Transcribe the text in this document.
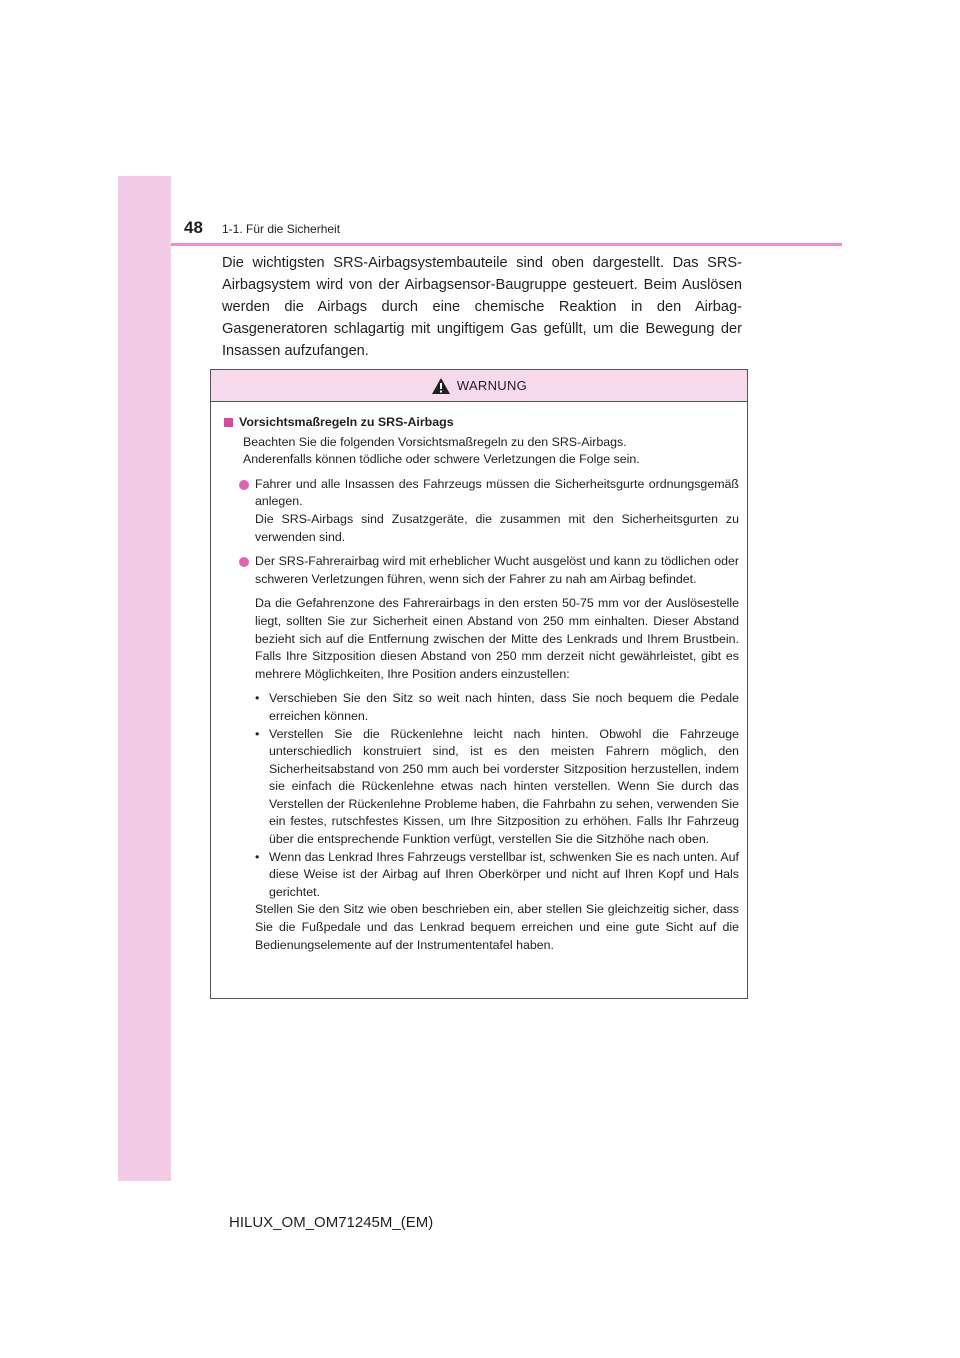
48 1-1. Für die Sicherheit

Die wichtigsten SRS-Airbagsystembauteile sind oben dargestellt. Das SRS-Airbagsystem wird von der Airbagsensor-Baugruppe gesteuert. Beim Auslösen werden die Airbags durch eine chemische Reaktion in den Airbag-Gasgeneratoren schlagartig mit ungiftigem Gas gefüllt, um die Bewegung der Insassen aufzufangen.

WARNUNG
Vorsichtsmaßregeln zu SRS-Airbags

Beachten Sie die folgenden Vorsichtsmaßregeln zu den SRS-Airbags.

Anderenfalls können tödliche oder schwere Verletzungen die Folge sein.

Fahrer und alle Insassen des Fahrzeugs müssen die Sicherheitsgurte ordnungsgemäß anlegen.

Die SRS-Airbags sind Zusatzgeräte, die zusammen mit den Sicherheitsgurten zu verwenden sind.

Der SRS-Fahrerairbag wird mit erheblicher Wucht ausgelöst und kann zu tödlichen oder schweren Verletzungen führen, wenn sich der Fahrer zu nah am Airbag befindet.

Da die Gefahrenzone des Fahrerairbags in den ersten 50-75 mm vor der Auslösestelle liegt, sollten Sie zur Sicherheit einen Abstand von 250 mm einhalten. Dieser Abstand bezieht sich auf die Entfernung zwischen der Mitte des Lenkrads und Ihrem Brustbein. Falls Ihre Sitzposition diesen Abstand von 250 mm derzeit nicht gewährleistet, gibt es mehrere Möglichkeiten, Ihre Position anders einzustellen:

• Verschieben Sie den Sitz so weit nach hinten, dass Sie noch bequem die Pedale erreichen können.
• Verstellen Sie die Rückenlehne leicht nach hinten. Obwohl die Fahrzeuge unterschiedlich konstruiert sind, ist es den meisten Fahrern möglich, den Sicherheitsabstand von 250 mm auch bei vorderster Sitzposition herzustellen, indem sie einfach die Rückenlehne etwas nach hinten verstellen. Wenn Sie durch das Verstellen der Rückenlehne Probleme haben, die Fahrbahn zu sehen, verwenden Sie ein festes, rutschfestes Kissen, um Ihre Sitzposition zu erhöhen. Falls Ihr Fahrzeug über die entsprechende Funktion verfügt, verstellen Sie die Sitzhöhe nach oben.
• Wenn das Lenkrad Ihres Fahrzeugs verstellbar ist, schwenken Sie es nach unten. Auf diese Weise ist der Airbag auf Ihren Oberkörper und nicht auf Ihren Kopf und Hals gerichtet.

Stellen Sie den Sitz wie oben beschrieben ein, aber stellen Sie gleichzeitig sicher, dass Sie die Fußpedale und das Lenkrad bequem erreichen und eine gute Sicht auf die Bedienungselemente auf der Instrumententafel haben.

HILUX_OM_OM71245M_(EM)
